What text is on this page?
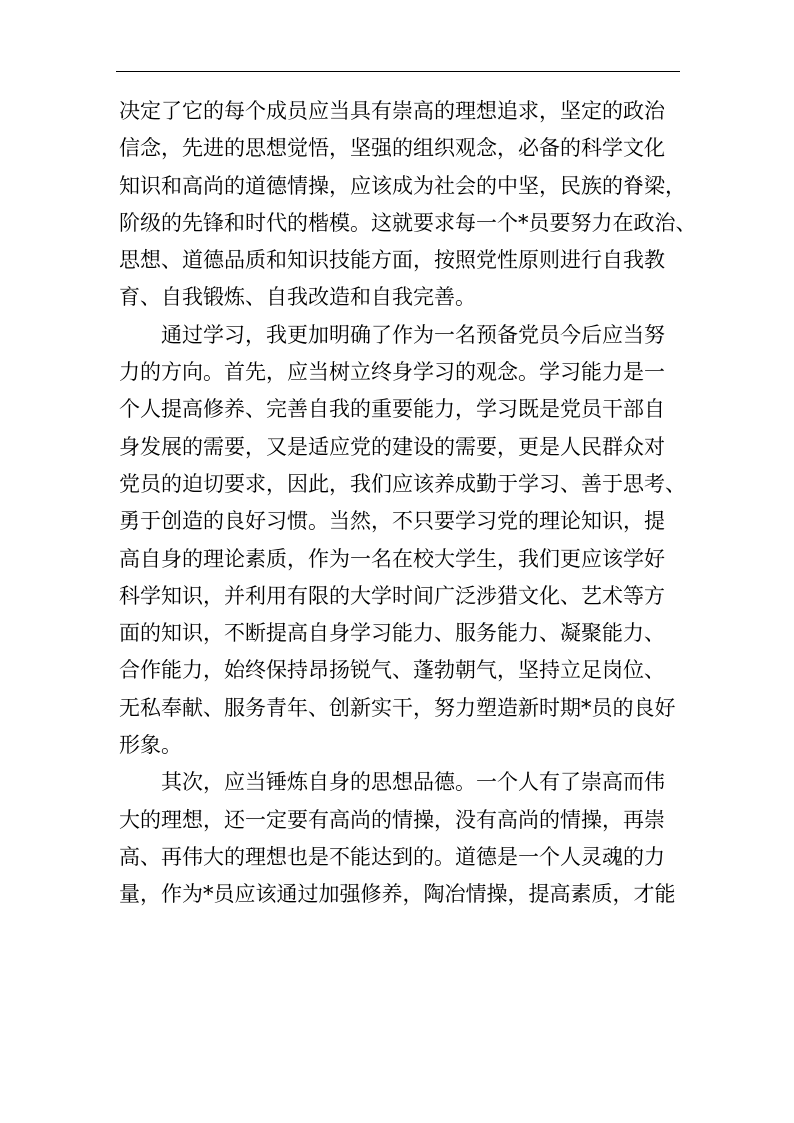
决定了它的每个成员应当具有崇高的理想追求，坚定的政治
信念，先进的思想觉悟，坚强的组织观念，必备的科学文化
知识和高尚的道德情操，应该成为社会的中坚，民族的脊梁，
阶级的先锋和时代的楷模。这就要求每一个*员要努力在政治、
思想、道德品质和知识技能方面，按照党性原则进行自我教
育、自我锻炼、自我改造和自我完善。
通过学习，我更加明确了作为一名预备党员今后应当努
力的方向。首先，应当树立终身学习的观念。学习能力是一
个人提高修养、完善自我的重要能力，学习既是党员干部自
身发展的需要，又是适应党的建设的需要，更是人民群众对
党员的迫切要求，因此，我们应该养成勤于学习、善于思考、
勇于创造的良好习惯。当然，不只要学习党的理论知识，提
高自身的理论素质，作为一名在校大学生，我们更应该学好
科学知识，并利用有限的大学时间广泛涉猎文化、艺术等方
面的知识，不断提高自身学习能力、服务能力、凝聚能力、
合作能力，始终保持昂扬锐气、蓬勃朝气，坚持立足岗位、
无私奉献、服务青年、创新实干，努力塑造新时期*员的良好
形象。
其次，应当锤炼自身的思想品德。一个人有了崇高而伟
大的理想，还一定要有高尚的情操，没有高尚的情操，再崇
高、再伟大的理想也是不能达到的。道德是一个人灵魂的力
量，作为*员应该通过加强修养，陶冶情操，提高素质，才能
